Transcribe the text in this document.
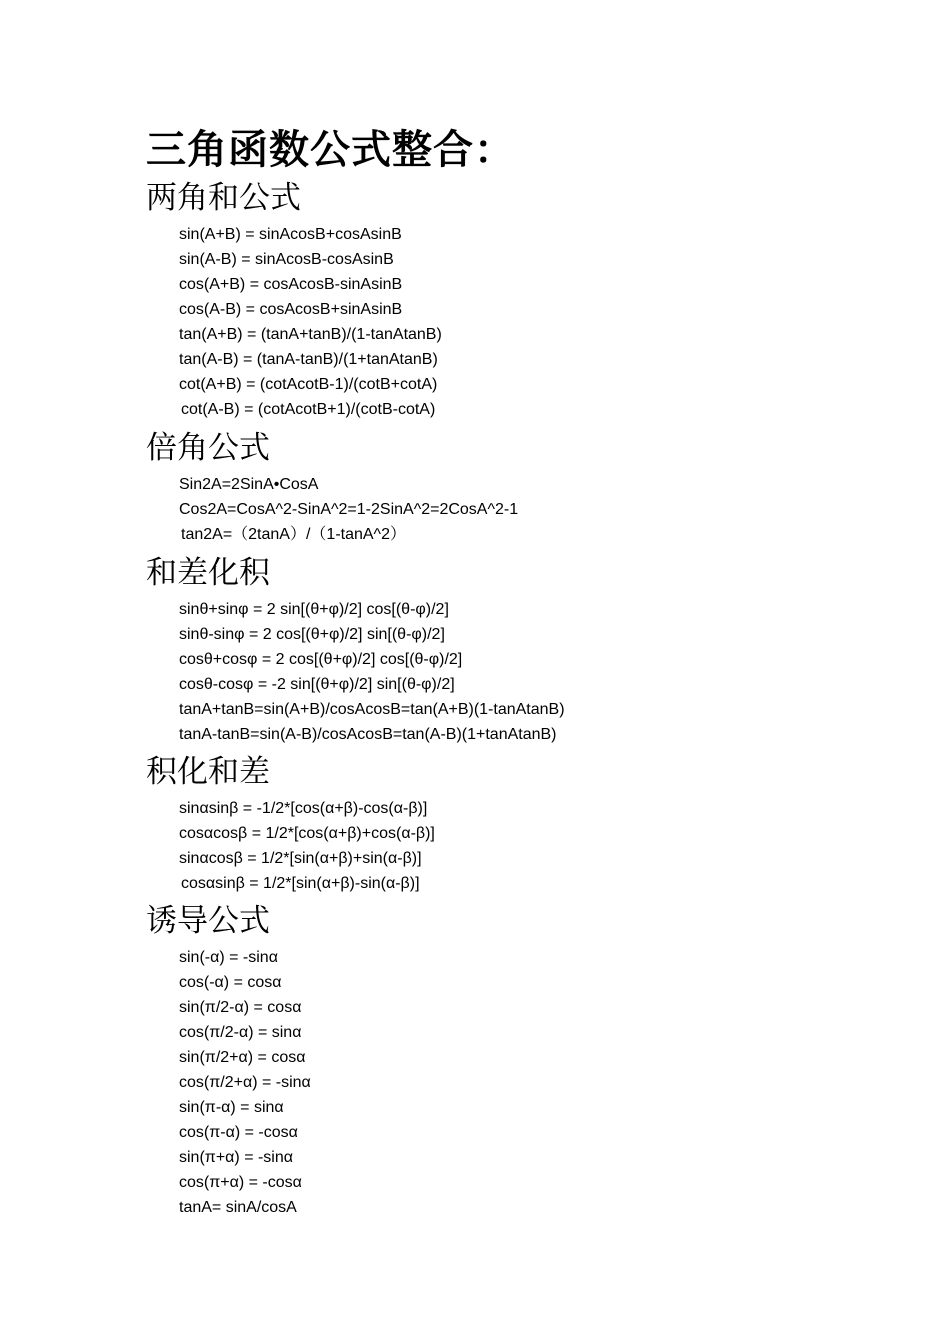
三角函数公式整合：
两角和公式
sin(A+B) = sinAcosB+cosAsinB
sin(A-B) = sinAcosB-cosAsinB
cos(A+B) = cosAcosB-sinAsinB
cos(A-B) = cosAcosB+sinAsinB
tan(A+B) = (tanA+tanB)/(1-tanAtanB)
tan(A-B) = (tanA-tanB)/(1+tanAtanB)
cot(A+B) = (cotAcotB-1)/(cotB+cotA)
cot(A-B) = (cotAcotB+1)/(cotB-cotA)
倍角公式
Sin2A=2SinA•CosA
Cos2A=CosA^2-SinA^2=1-2SinA^2=2CosA^2-1
tan2A=（2tanA）/（1-tanA^2）
和差化积
sinθ+sinφ = 2 sin[(θ+φ)/2] cos[(θ-φ)/2]
sinθ-sinφ = 2 cos[(θ+φ)/2] sin[(θ-φ)/2]
cosθ+cosφ = 2 cos[(θ+φ)/2] cos[(θ-φ)/2]
cosθ-cosφ = -2 sin[(θ+φ)/2] sin[(θ-φ)/2]
tanA+tanB=sin(A+B)/cosAcosB=tan(A+B)(1-tanAtanB)
tanA-tanB=sin(A-B)/cosAcosB=tan(A-B)(1+tanAtanB)
积化和差
sinαsinβ = -1/2*[cos(α+β)-cos(α-β)]
cosαcosβ = 1/2*[cos(α+β)+cos(α-β)]
sinαcosβ = 1/2*[sin(α+β)+sin(α-β)]
cosαsinβ = 1/2*[sin(α+β)-sin(α-β)]
诱导公式
sin(-α) = -sinα
cos(-α) = cosα
sin(π/2-α) = cosα
cos(π/2-α) = sinα
sin(π/2+α) = cosα
cos(π/2+α) = -sinα
sin(π-α) = sinα
cos(π-α) = -cosα
sin(π+α) = -sinα
cos(π+α) = -cosα
tanA= sinA/cosA
